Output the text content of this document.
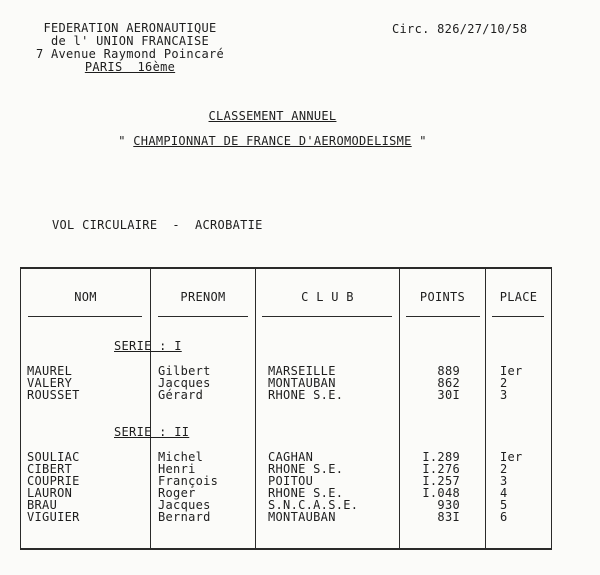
FEDERATION AERONAUTIQUE
de l' UNION FRANCAISE
7 Avenue Raymond Poincaré
PARIS  16ème
Circ. 826/27/10/58
CLASSEMENT ANNUEL
" CHAMPIONNAT DE FRANCE D'AEROMODELISME "
VOL CIRCULAIRE  -  ACROBATIE
NOM	PRENOM	C L U B	POINTS	PLACE
SERIE : I
MAUREL	Gilbert	MARSEILLE	889	Ier
VALERY	Jacques	MONTAUBAN	862	2
ROUSSET	Gérard	RHONE S.E.	30I	3
SERIE : II
SOULIAC	Michel	CAGHAN	I.289	Ier
CIBERT	Henri	RHONE S.E.	I.276	2
COUPRIE	François	POITOU	I.257	3
LAURON	Roger	RHONE S.E.	I.048	4
BRAU	Jacques	S.N.C.A.S.E.	930	5
VIGUIER	Bernard	MONTAUBAN	83I	6
